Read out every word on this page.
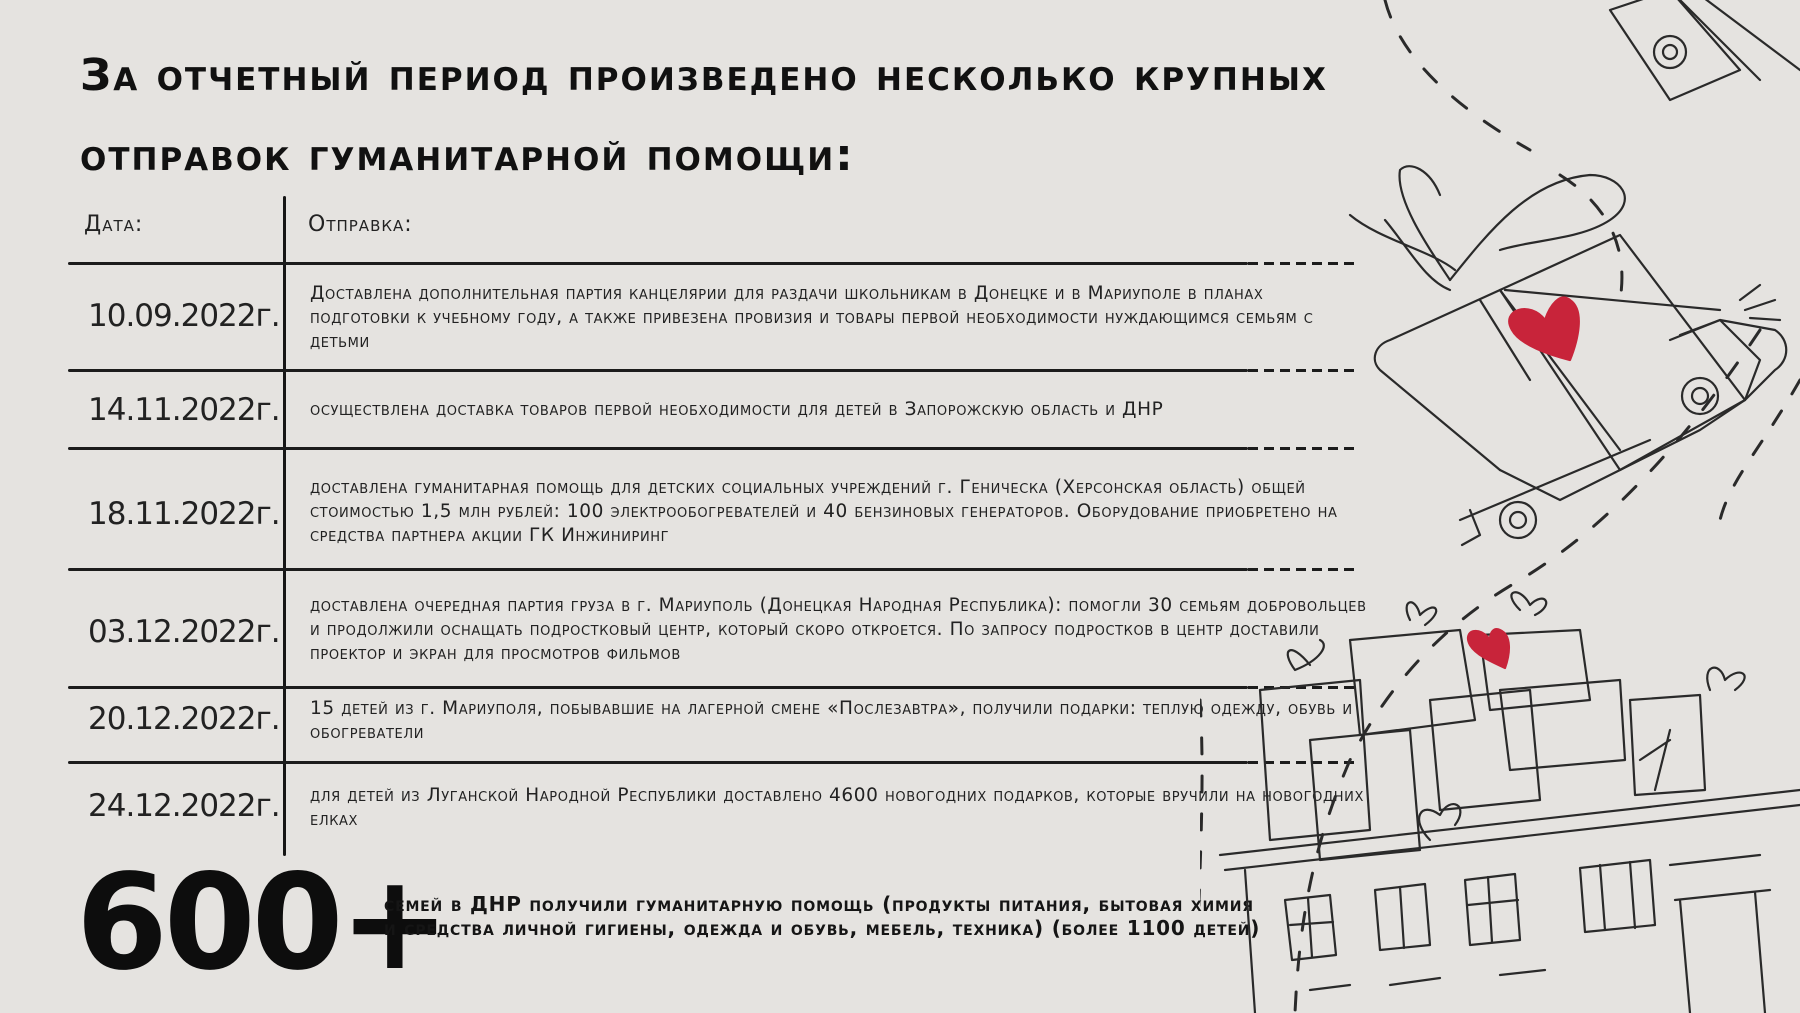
За отчетный период произведено несколько крупных
отправок гуманитарной помощи:
Дата:	Отправка:
10.09.2022г.
Доставлена дополнительная партия канцелярии для раздачи школьникам в Донецке и в Мариуполе в планах подготовки к учебному году, а также привезена провизия и товары первой необходимости нуждающимся семьям с детьми
14.11.2022г. осуществлена доставка товаров первой необходимости для детей в Запорожскую область и ДНР
18.11.2022г.
доставлена гуманитарная помощь для детских социальных учреждений г. Геническа (Херсонская область) общей стоимостью 1,5 млн рублей: 100 электрообогревателей и 40 бензиновых генераторов. Оборудование приобретено на средства партнера акции ГК Инжиниринг
03.12.2022г.
доставлена очередная партия груза в г. Мариуполь (Донецкая Народная Республика): помогли 30 семьям добровольцев и продолжили оснащать подростковый центр, который скоро откроется. По запросу подростков в центр доставили проектор и экран для просмотров фильмов
20.12.2022г. 15 детей из г. Мариуполя, побывавшие на лагерной смене «Послезавтра», получили подарки: теплую одежду, обувь и обогреватели
24.12.2022г. для детей из Луганской Народной Республики доставлено 4600 новогодних подарков, которые вручили на новогодних елках
600+
семей в ДНР получили гуманитарную помощь (продукты питания, бытовая химия и средства личной гигиены, одежда и обувь, мебель, техника) (более 1100 детей)
